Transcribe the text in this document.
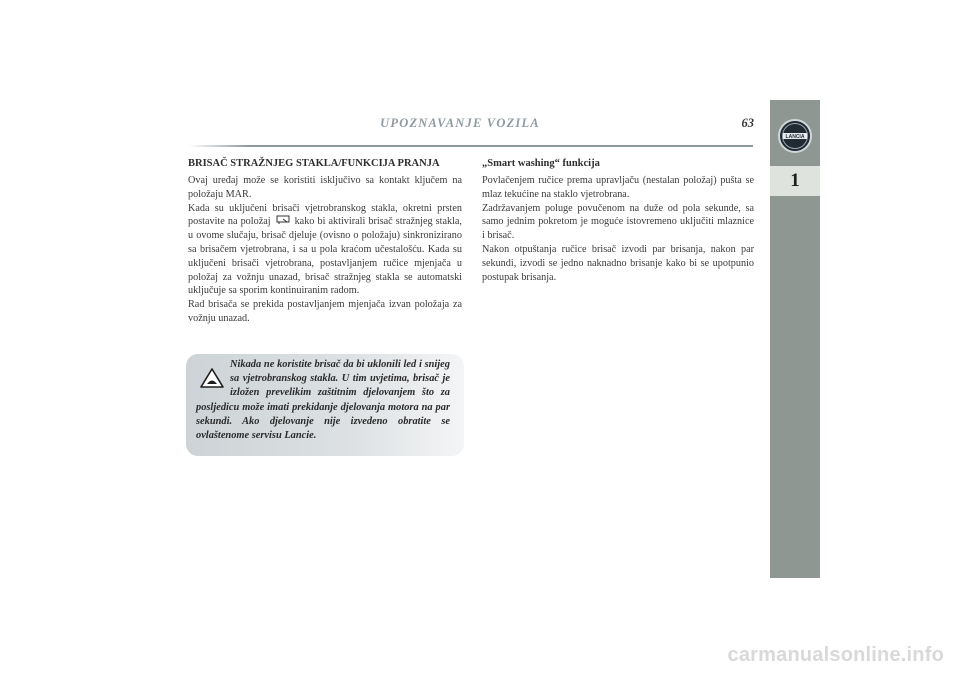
UPOZNAVANJE VOZILA	63
LANCIA
1
BRISAČ STRAŽNJEG STAKLA/FUNKCIJA PRANJA

Ovaj uređaj može se koristiti isključivo sa kontakt ključem na položaju MAR.

Kada su uključeni brisači vjetrobranskog stakla, okretni prsten postavite na položaj kako bi aktivirali brisač stražnjeg stakla, u ovome slučaju, brisač djeluje (ovisno o položaju) sinkronizirano sa brisačem vjetrobrana, i sa u pola kraćom učestalošću. Kada su uključeni brisači vjetrobrana, postavljanjem ručice mjenjača u položaj za vožnju unazad, brisač stražnjeg stakla se automatski uključuje sa sporim kontinuiranim radom.

Rad brisača se prekida postavljanjem mjenjača izvan položaja za vožnju unazad.

Nikada ne koristite brisač da bi uklonili led i snijeg sa vjetrobranskog stakla. U tim uvjetima, brisač je izložen prevelikim zaštitnim djelovanjem što za posljedicu može imati prekidanje djelovanja motora na par sekundi. Ako djelovanje nije izvedeno obratite se ovlaštenome servisu Lancie.

„Smart washing“ funkcija

Povlačenjem ručice prema upravljaču (nestalan položaj) pušta se mlaz tekućine na staklo vjetrobrana.

Zadržavanjem poluge povučenom na duže od pola sekunde, sa samo jednim pokretom je moguće istovremeno uključiti mlaznice i brisač.

Nakon otpuštanja ručice brisač izvodi par brisanja, nakon par sekundi, izvodi se jedno naknadno brisanje kako bi se upotpunio postupak brisanja.

carmanualsonline.info
